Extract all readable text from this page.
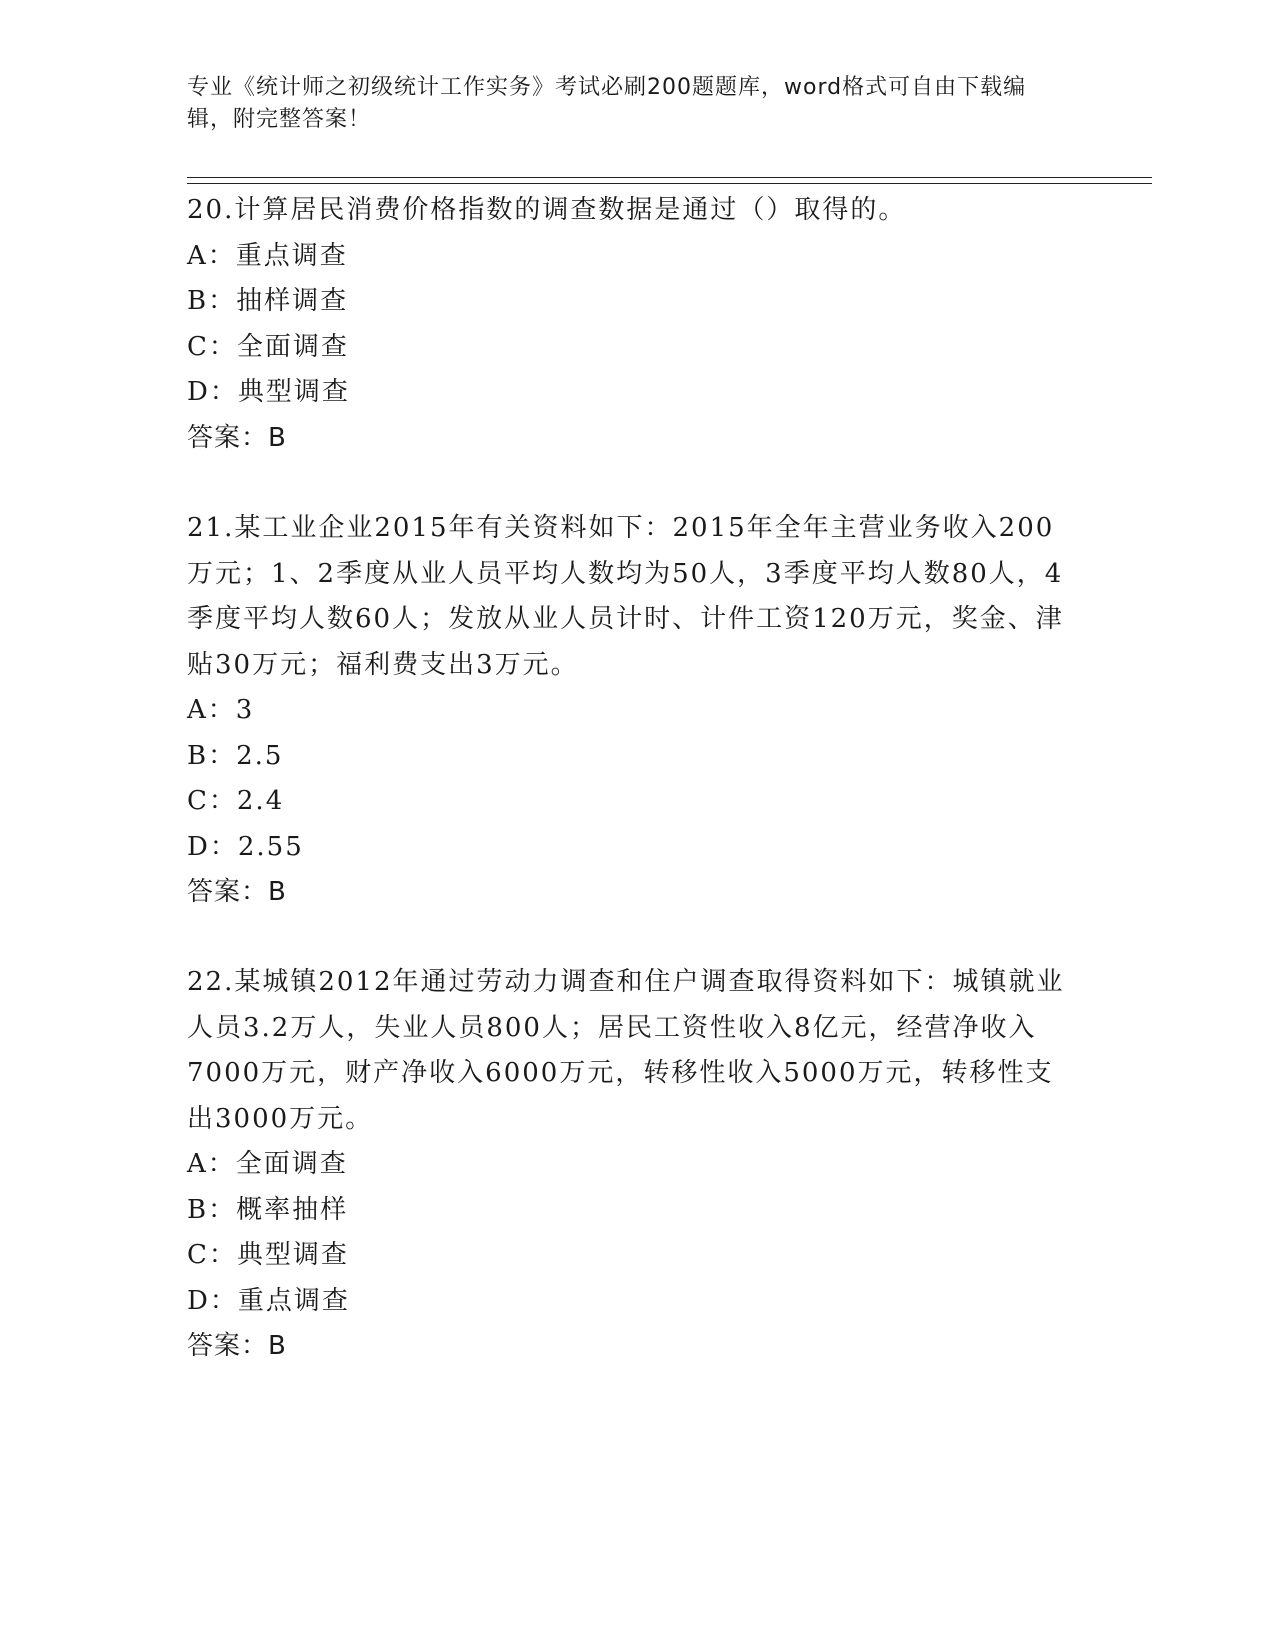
专业《统计师之初级统计工作实务》考试必刷200题题库，word格式可自由下载编辑，附完整答案！

20.计算居民消费价格指数的调查数据是通过（）取得的。

A：重点调查

B：抽样调查

C：全面调查

D：典型调查

答案：B

21.某工业企业2015年有关资料如下：2015年全年主营业务收入200万元；1、2季度从业人员平均人数均为50人，3季度平均人数80人，4季度平均人数60人；发放从业人员计时、计件工资120万元，奖金、津贴30万元；福利费支出3万元。

A：3

B：2.5

C：2.4

D：2.55

答案：B

22.某城镇2012年通过劳动力调查和住户调查取得资料如下：城镇就业人员3.2万人，失业人员800人；居民工资性收入8亿元，经营净收入7000万元，财产净收入6000万元，转移性收入5000万元，转移性支出3000万元。

A：全面调查

B：概率抽样

C：典型调查

D：重点调查

答案：B
